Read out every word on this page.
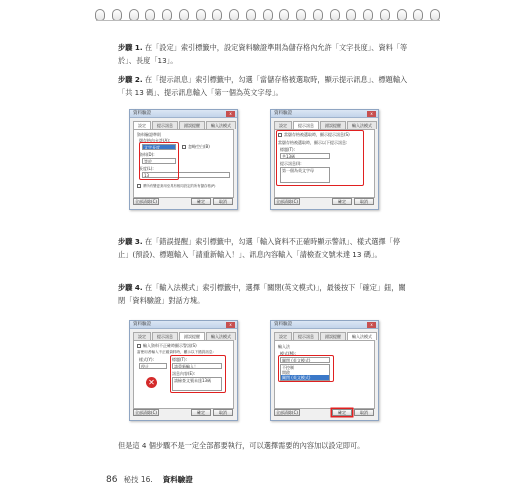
步驟 1. 在「設定」索引標籤中，設定資料驗證準則為儲存格內允許「文字長度」、資料「等於」、長度「13」。
步驟 2. 在「提示訊息」索引標籤中，勾選「當儲存格被選取時，顯示提示訊息」、標題輸入「共 13 碼」、提示訊息輸入「第一個為英文字母」。
資料驗證	x
設定	提示訊息	錯誤提醒	輸入法模式
資料驗證準則
儲存格內允許(A):
文字長度	忽略空白(B)
資料(D):
等於
長度(L):
13
將所有變更套用至具有相同設定的所有儲存格(P)
全部清除(C)	確定	取消
資料驗證	x
設定	提示訊息	錯誤提醒	輸入法模式
當儲存格被選取時，顯示提示訊息(S)
當儲存格被選取時，顯示以下提示訊息:
標題(T):
共13碼
提示訊息(I):
第一個為英文字母
全部清除(C)	確定	取消
步驟 3. 在「錯誤提醒」索引標籤中，勾選「輸入資料不正確時顯示警訊」、樣式選擇「停止」(預設)、標題輸入「請重新輸入！」、訊息內容輸入「請檢查文號未達 13 碼」。
步驟 4. 在「輸入法模式」索引標籤中，選擇「關閉(英文模式)」，最後按下「確定」鈕，關閉「資料驗證」對話方塊。
資料驗證	x
設定	提示訊息	錯誤提醒	輸入法模式
輸入資料不正確時顯示警訊(S)
當使用者輸入不正確資料時，顯示以下錯誤訊息:
樣式(Y):
停止
標題(T):
請重新輸入！
訊息內容(E):
請檢查文號未達13碼
✕
全部清除(C)	確定	取消
資料驗證	x
設定	提示訊息	錯誤提醒	輸入法模式
輸入法
模式(M):
關閉 (英文模式)
不控制
開啟
關閉 (英文模式)
全部清除(C)	確定	取消
但是這 4 個步驟不是一定全部都要執行，可以選擇需要的內容加以設定即可。
86 秘技 16. 資料驗證
